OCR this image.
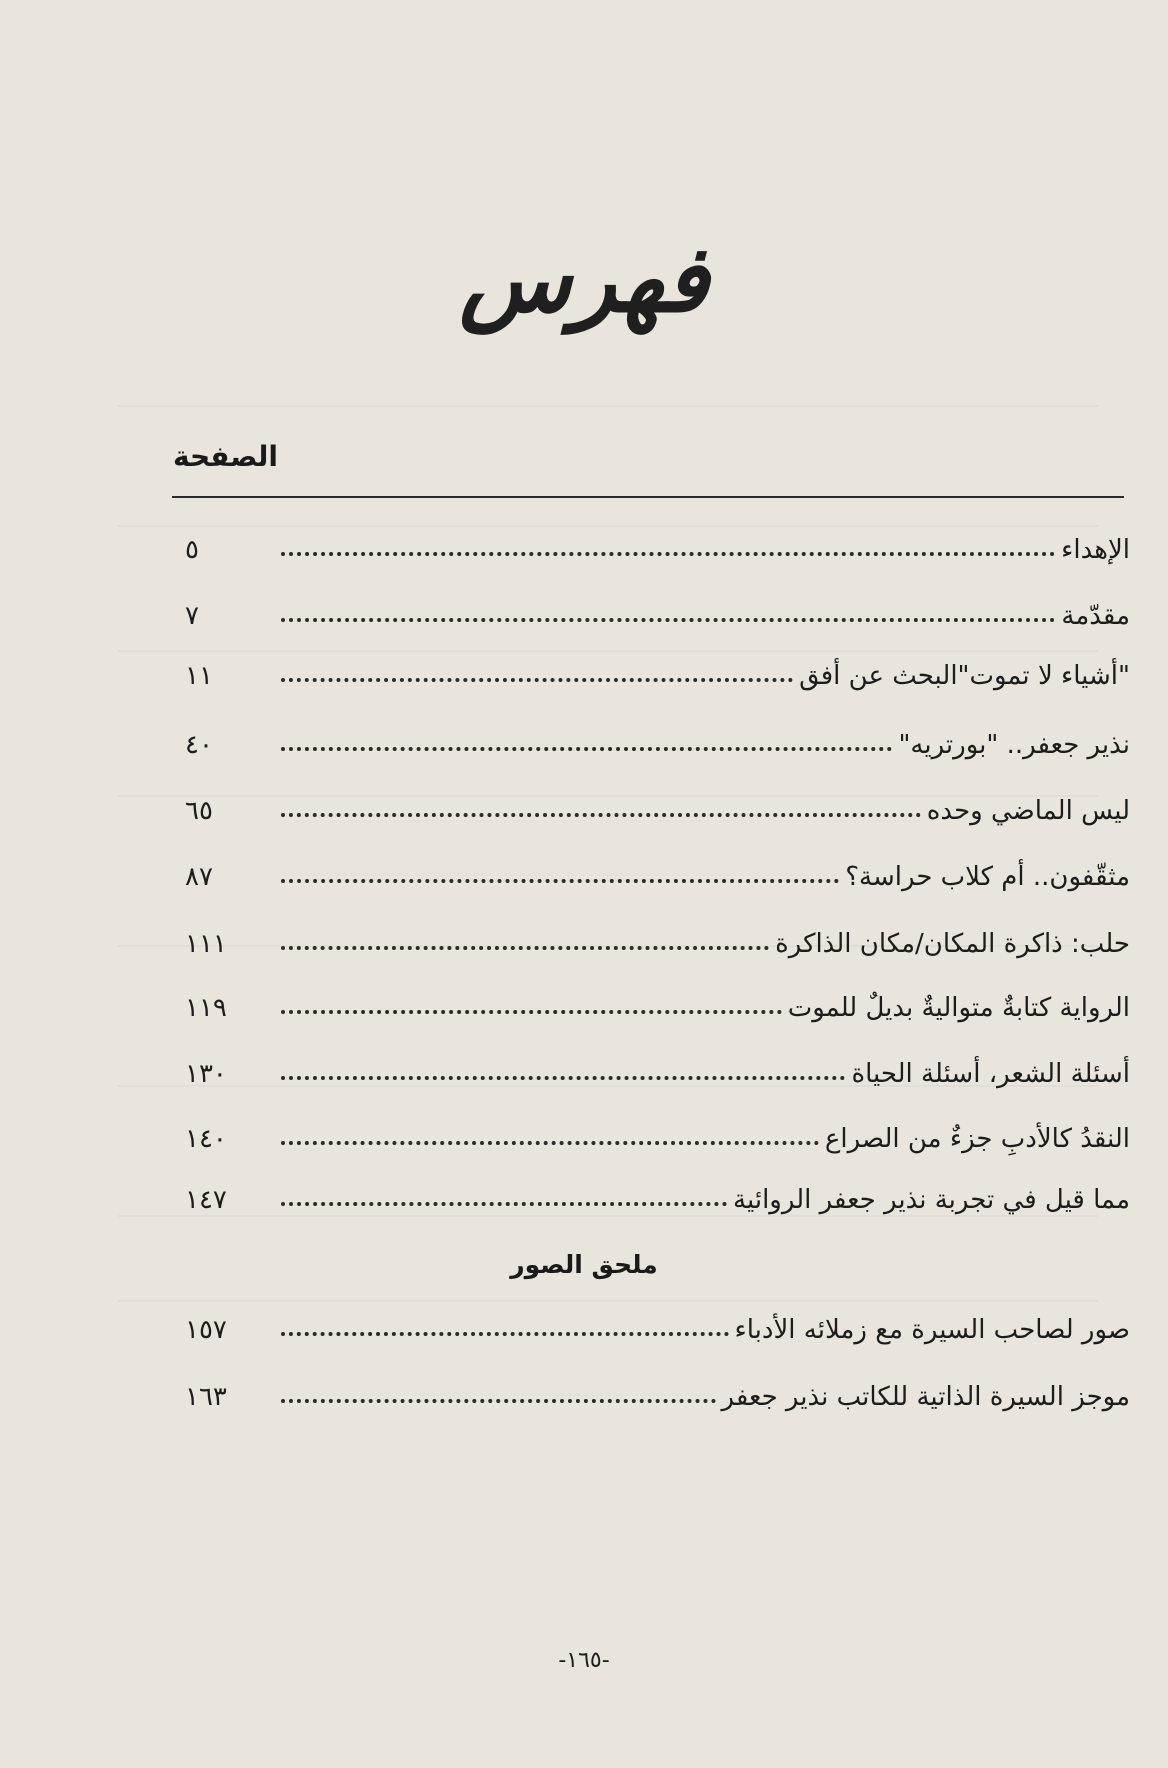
فهرس
الصفحة
الإهداء
٥
مقدّمة
٧
"أشياء لا تموت"البحث عن أفق
١١
نذير جعفر.. "بورتريه"
٤٠
ليس الماضي وحده
٦٥
مثقّفون.. أم كلاب حراسة؟
٨٧
حلب: ذاكرة المكان/مكان الذاكرة
١١١
الرواية كتابةٌ متواليةٌ بديلٌ للموت
١١٩
أسئلة الشعر، أسئلة الحياة
١٣٠
النقدُ كالأدبِ جزءٌ من الصراع
١٤٠
مما قيل في تجربة نذير جعفر الروائية
١٤٧
ملحق الصور
صور لصاحب السيرة مع زملائه الأدباء
١٥٧
موجز السيرة الذاتية للكاتب نذير جعفر
١٦٣
-١٦٥-
